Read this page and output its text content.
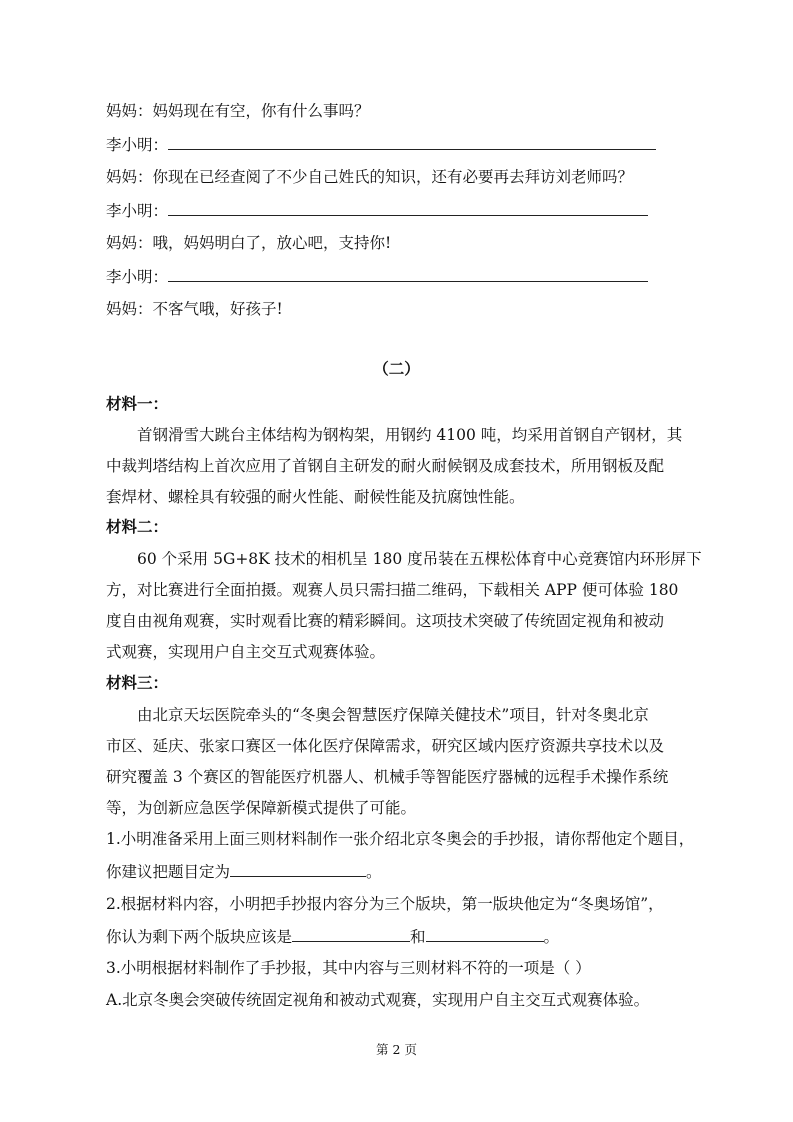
妈妈：妈妈现在有空，你有什么事吗？
李小明：
妈妈：你现在已经查阅了不少自己姓氏的知识，还有必要再去拜访刘老师吗？
李小明：
妈妈：哦，妈妈明白了，放心吧，支持你!
李小明：
妈妈：不客气哦，好孩子!
（二）
材料一：
首钢滑雪大跳台主体结构为钢构架，用钢约 4100 吨，均采用首钢自产钢材，其
中裁判塔结构上首次应用了首钢自主研发的耐火耐候钢及成套技术，所用钢板及配
套焊材、螺栓具有较强的耐火性能、耐候性能及抗腐蚀性能。
材料二：
60 个采用 5G+8K 技术的相机呈 180 度吊装在五棵松体育中心竞赛馆内环形屏下
方，对比赛进行全面拍摄。观赛人员只需扫描二维码，下载相关 APP 便可体验 180
度自由视角观赛，实时观看比赛的精彩瞬间。这项技术突破了传统固定视角和被动
式观赛，实现用户自主交互式观赛体验。
材料三：
由北京天坛医院牵头的“冬奥会智慧医疗保障关健技术”项目，针对冬奥北京
市区、延庆、张家口赛区一体化医疗保障需求，研究区域内医疗资源共享技术以及
研究覆盖 3 个赛区的智能医疗机器人、机械手等智能医疗器械的远程手术操作系统
等，为创新应急医学保障新模式提供了可能。
1.小明准备采用上面三则材料制作一张介绍北京冬奥会的手抄报，请你帮他定个题目，
你建议把题目定为	。
2.根据材料内容，小明把手抄报内容分为三个版块，第一版块他定为“冬奥场馆”，
你认为剩下两个版块应该是	和	。
3.小明根据材料制作了手抄报，其中内容与三则材料不符的一项是（ ）
A.北京冬奥会突破传统固定视角和被动式观赛，实现用户自主交互式观赛体验。
第 2 页
